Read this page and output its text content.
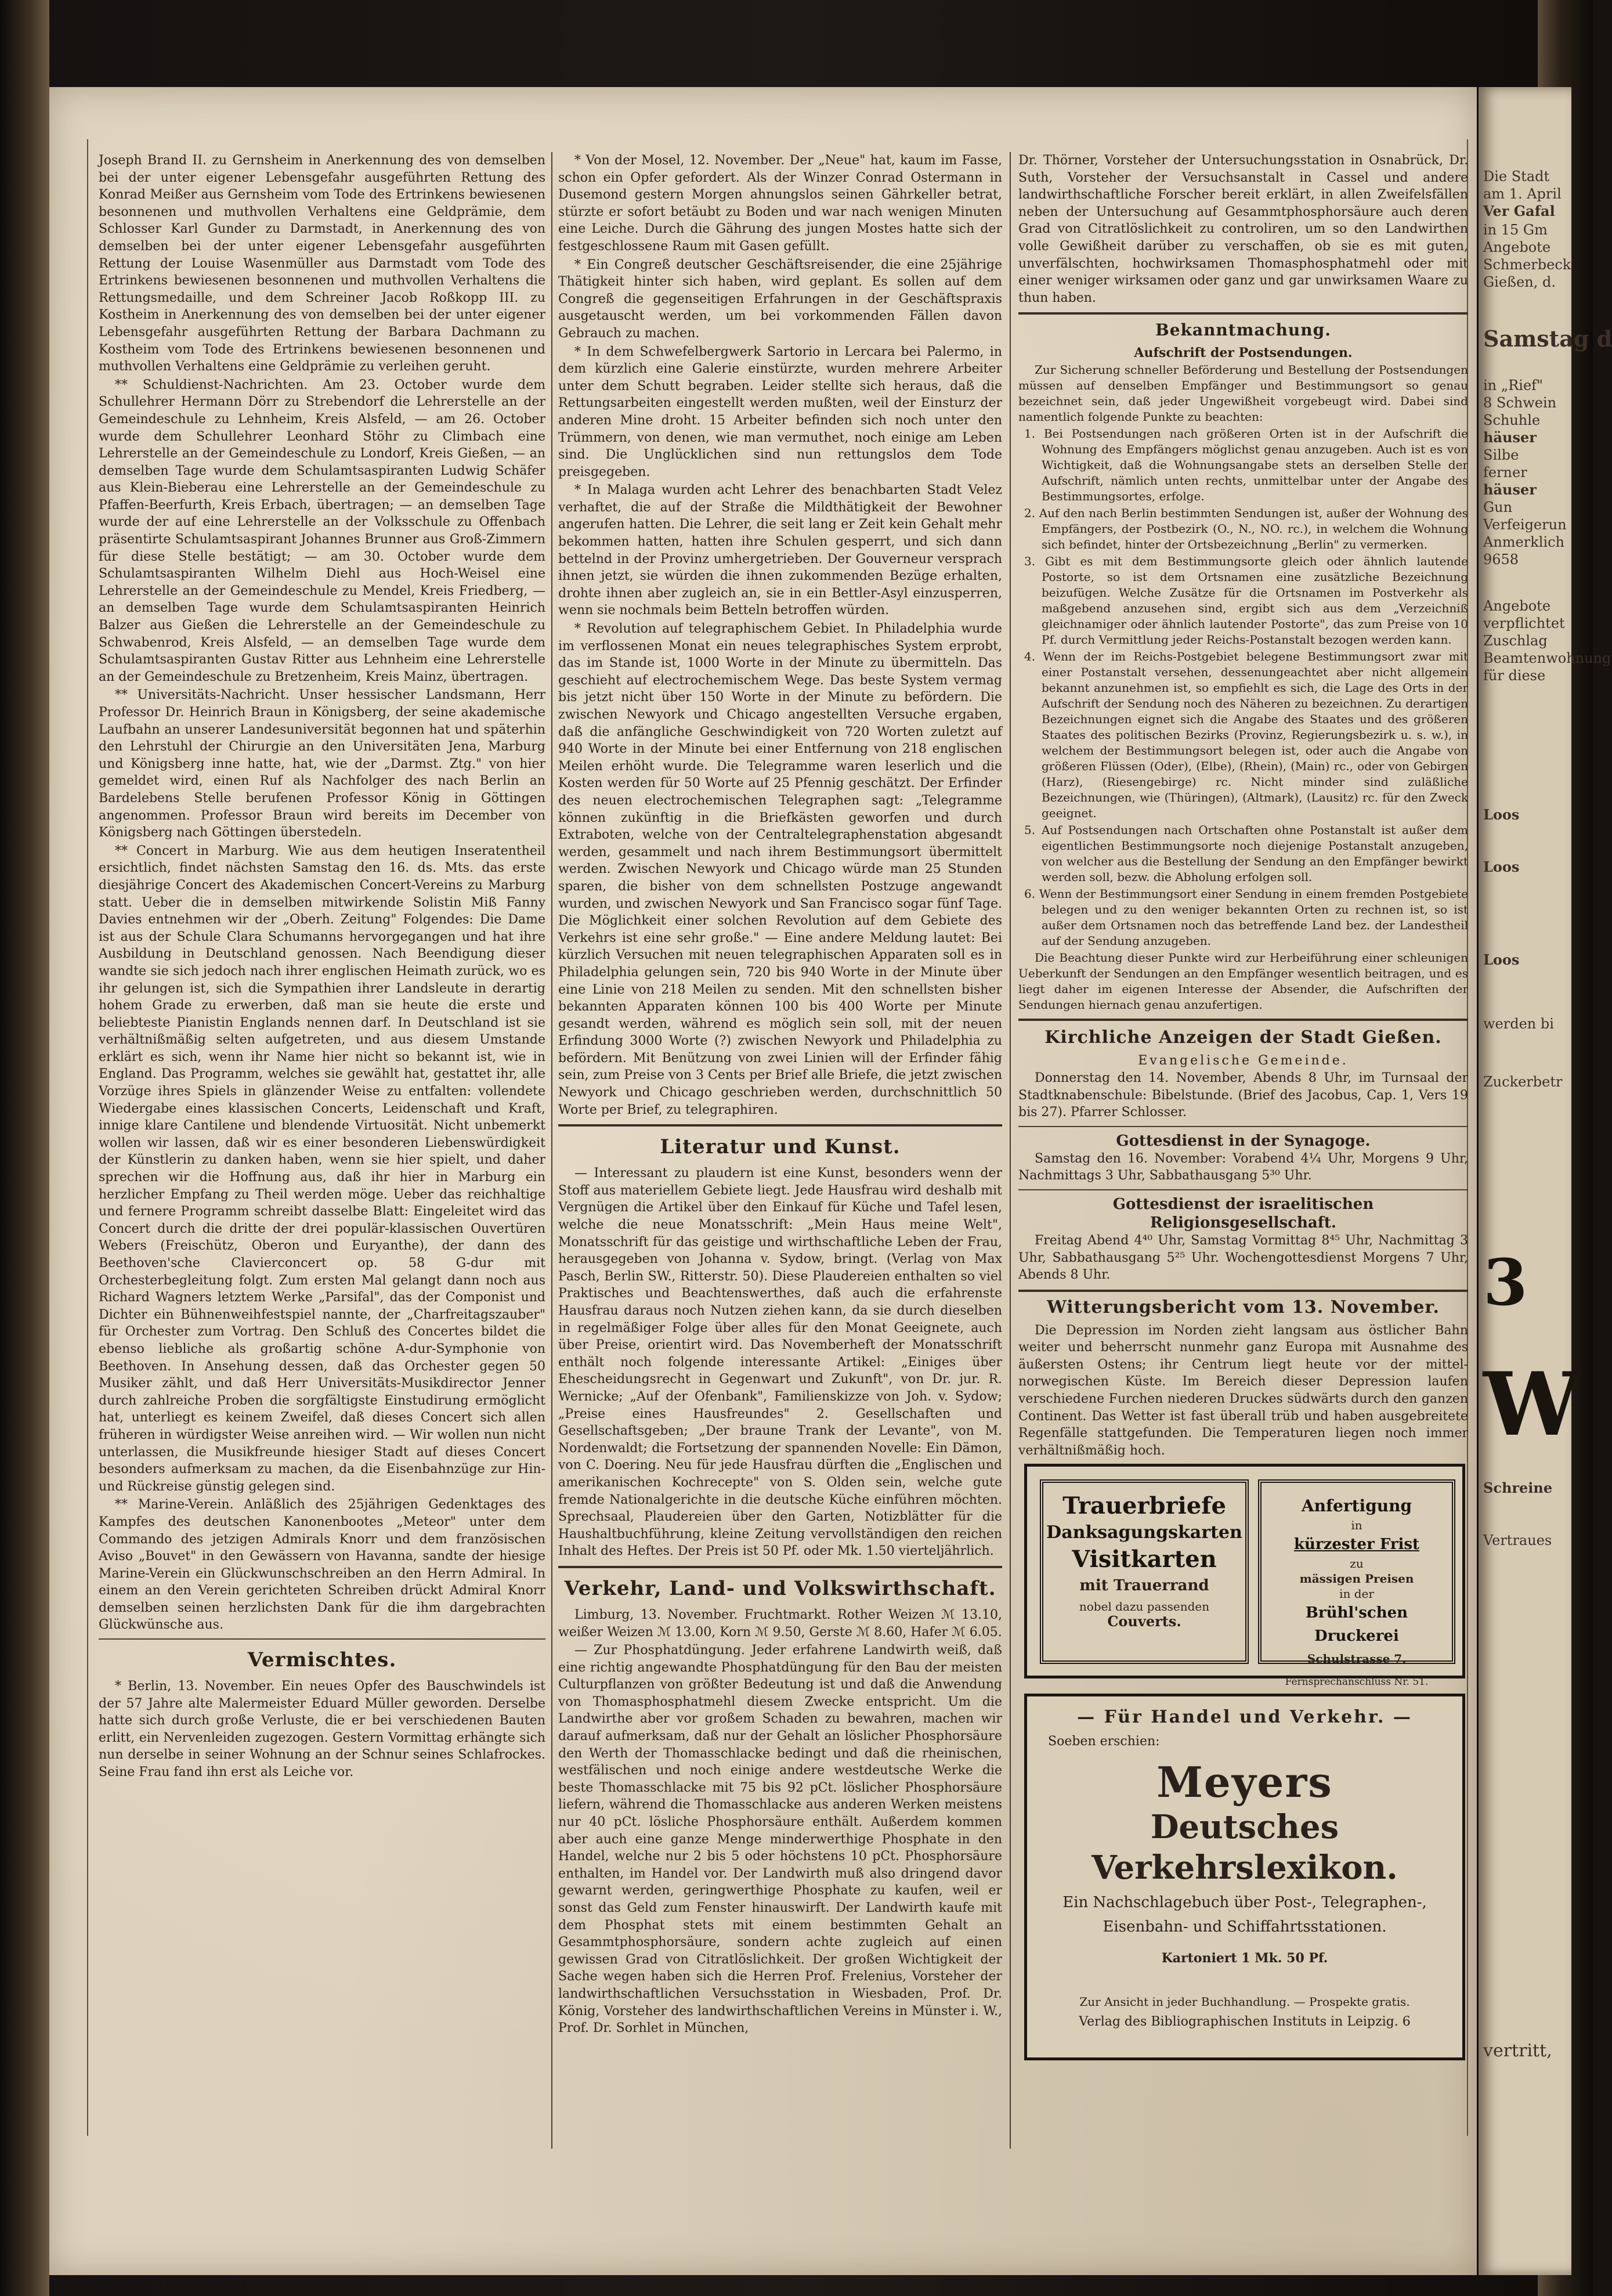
Joseph Brand II. zu Gernsheim in Anerkennung des von demselben bei der unter eigener Lebensgefahr ausgeführten Rettung des Konrad Meißer aus Gernsheim vom Tode des Ertrinkens bewiesenen besonnenen und muthvollen Verhaltens eine Geldprämie, dem Schlosser Karl Gunder zu Darmstadt, in Anerkennung des von demselben bei der unter eigener Lebensgefahr ausgeführten Rettung der Louise Wasenmüller aus Darmstadt vom Tode des Ertrinkens bewiesenen besonnenen und muthvollen Verhaltens die Rettungsmedaille, und dem Schreiner Jacob Roßkopp III. zu Kostheim in Anerkennung des von demselben bei der unter eigener Lebensgefahr ausgeführten Rettung der Barbara Dachmann zu Kostheim vom Tode des Ertrinkens bewiesenen besonnenen und muthvollen Verhaltens eine Geldprämie zu verleihen geruht.

** Schuldienst-Nachrichten. Am 23. October wurde dem Schullehrer Hermann Dörr zu Strebendorf die Lehrerstelle an der Gemeindeschule zu Lehnheim, Kreis Alsfeld, — am 26. October wurde dem Schullehrer Leonhard Stöhr zu Climbach eine Lehrerstelle an der Gemeindeschule zu Londorf, Kreis Gießen, — an demselben Tage wurde dem Schulamtsaspiranten Ludwig Schäfer aus Klein-Bieberau eine Lehrerstelle an der Gemeindeschule zu Pfaffen-Beerfurth, Kreis Erbach, übertragen; — an demselben Tage wurde der auf eine Lehrerstelle an der Volksschule zu Offenbach präsentirte Schulamtsaspirant Johannes Brunner aus Groß-Zimmern für diese Stelle bestätigt; — am 30. October wurde dem Schulamtsaspiranten Wilhelm Diehl aus Hoch-Weisel eine Lehrerstelle an der Gemeindeschule zu Mendel, Kreis Friedberg, — an demselben Tage wurde dem Schulamtsaspiranten Heinrich Balzer aus Gießen die Lehrerstelle an der Gemeindeschule zu Schwabenrod, Kreis Alsfeld, — an demselben Tage wurde dem Schulamtsaspiranten Gustav Ritter aus Lehnheim eine Lehrerstelle an der Gemeindeschule zu Bretzenheim, Kreis Mainz, übertragen.

** Universitäts-Nachricht. Unser hessischer Landsmann, Herr Professor Dr. Heinrich Braun in Königsberg, der seine akademische Laufbahn an unserer Landesuniversität begonnen hat und späterhin den Lehrstuhl der Chirurgie an den Universitäten Jena, Marburg und Königsberg inne hatte, hat, wie der „Darmst. Ztg." von hier gemeldet wird, einen Ruf als Nachfolger des nach Berlin an Bardelebens Stelle berufenen Professor König in Göttingen angenommen. Professor Braun wird bereits im December von Königsberg nach Göttingen überstedeln.

** Concert in Marburg. Wie aus dem heutigen Inseratentheil ersichtlich, findet nächsten Samstag den 16. ds. Mts. das erste diesjährige Concert des Akademischen Concert-Vereins zu Marburg statt. Ueber die in demselben mitwirkende Solistin Miß Fanny Davies entnehmen wir der „Oberh. Zeitung" Folgendes: Die Dame ist aus der Schule Clara Schumanns hervorgegangen und hat ihre Ausbildung in Deutschland genossen. Nach Beendigung dieser wandte sie sich jedoch nach ihrer englischen Heimath zurück, wo es ihr gelungen ist, sich die Sympathien ihrer Landsleute in derartig hohem Grade zu erwerben, daß man sie heute die erste und beliebteste Pianistin Englands nennen darf. In Deutschland ist sie verhältnißmäßig selten aufgetreten, und aus diesem Umstande erklärt es sich, wenn ihr Name hier nicht so bekannt ist, wie in England. Das Programm, welches sie gewählt hat, gestattet ihr, alle Vorzüge ihres Spiels in glänzender Weise zu entfalten: vollendete Wiedergabe eines klassischen Concerts, Leidenschaft und Kraft, innige klare Cantilene und blendende Virtuosität. Nicht unbemerkt wollen wir lassen, daß wir es einer besonderen Liebenswürdigkeit der Künstlerin zu danken haben, wenn sie hier spielt, und daher sprechen wir die Hoffnung aus, daß ihr hier in Marburg ein herzlicher Empfang zu Theil werden möge. Ueber das reichhaltige und fernere Programm schreibt dasselbe Blatt: Eingeleitet wird das Concert durch die dritte der drei populär-klassischen Ouvertüren Webers (Freischütz, Oberon und Euryanthe), der dann des Beethoven'sche Clavierconcert op. 58 G-dur mit Orchesterbegleitung folgt. Zum ersten Mal gelangt dann noch aus Richard Wagners letztem Werke „Parsifal", das der Componist und Dichter ein Bühnenweihfestspiel nannte, der „Charfreitagszauber" für Orchester zum Vortrag. Den Schluß des Concertes bildet die ebenso liebliche als großartig schöne A-dur-Symphonie von Beethoven. In Ansehung dessen, daß das Orchester gegen 50 Musiker zählt, und daß Herr Universitäts-Musikdirector Jenner durch zahlreiche Proben die sorgfältigste Einstudirung ermöglicht hat, unterliegt es keinem Zweifel, daß dieses Concert sich allen früheren in würdigster Weise anreihen wird. — Wir wollen nun nicht unterlassen, die Musikfreunde hiesiger Stadt auf dieses Concert besonders aufmerksam zu machen, da die Eisenbahnzüge zur Hin- und Rückreise günstig gelegen sind.

** Marine-Verein. Anläßlich des 25jährigen Gedenktages des Kampfes des deutschen Kanonenbootes „Meteor" unter dem Commando des jetzigen Admirals Knorr und dem französischen Aviso „Bouvet" in den Gewässern von Havanna, sandte der hiesige Marine-Verein ein Glückwunschschreiben an den Herrn Admiral. In einem an den Verein gerichteten Schreiben drückt Admiral Knorr demselben seinen herzlichsten Dank für die ihm dargebrachten Glückwünsche aus.

Vermischtes.

* Berlin, 13. November. Ein neues Opfer des Bauschwindels ist der 57 Jahre alte Malermeister Eduard Müller geworden. Derselbe hatte sich durch große Verluste, die er bei verschiedenen Bauten erlitt, ein Nervenleiden zugezogen. Gestern Vormittag erhängte sich nun derselbe in seiner Wohnung an der Schnur seines Schlafrockes. Seine Frau fand ihn erst als Leiche vor.

* Von der Mosel, 12. November. Der „Neue" hat, kaum im Fasse, schon ein Opfer gefordert. Als der Winzer Conrad Ostermann in Dusemond gestern Morgen ahnungslos seinen Gährkeller betrat, stürzte er sofort betäubt zu Boden und war nach wenigen Minuten eine Leiche. Durch die Gährung des jungen Mostes hatte sich der festgeschlossene Raum mit Gasen gefüllt.

* Ein Congreß deutscher Geschäftsreisender, die eine 25jährige Thätigkeit hinter sich haben, wird geplant. Es sollen auf dem Congreß die gegenseitigen Erfahrungen in der Geschäftspraxis ausgetauscht werden, um bei vorkommenden Fällen davon Gebrauch zu machen.

* In dem Schwefelbergwerk Sartorio in Lercara bei Palermo, in dem kürzlich eine Galerie einstürzte, wurden mehrere Arbeiter unter dem Schutt begraben. Leider stellte sich heraus, daß die Rettungsarbeiten eingestellt werden mußten, weil der Einsturz der anderen Mine droht. 15 Arbeiter befinden sich noch unter den Trümmern, von denen, wie man vermuthet, noch einige am Leben sind. Die Unglücklichen sind nun rettungslos dem Tode preisgegeben.

* In Malaga wurden acht Lehrer des benachbarten Stadt Velez verhaftet, die auf der Straße die Mildthätigkeit der Bewohner angerufen hatten. Die Lehrer, die seit lang er Zeit kein Gehalt mehr bekommen hatten, hatten ihre Schulen gesperrt, und sich dann bettelnd in der Provinz umhergetrieben. Der Gouverneur versprach ihnen jetzt, sie würden die ihnen zukommenden Bezüge erhalten, drohte ihnen aber zugleich an, sie in ein Bettler-Asyl einzusperren, wenn sie nochmals beim Betteln betroffen würden.

* Revolution auf telegraphischem Gebiet. In Philadelphia wurde im verflossenen Monat ein neues telegraphisches System erprobt, das im Stande ist, 1000 Worte in der Minute zu übermitteln. Das geschieht auf electrochemischem Wege. Das beste System vermag bis jetzt nicht über 150 Worte in der Minute zu befördern. Die zwischen Newyork und Chicago angestellten Versuche ergaben, daß die anfängliche Geschwindigkeit von 720 Worten zuletzt auf 940 Worte in der Minute bei einer Entfernung von 218 englischen Meilen erhöht wurde. Die Telegramme waren leserlich und die Kosten werden für 50 Worte auf 25 Pfennig geschätzt. Der Erfinder des neuen electrochemischen Telegraphen sagt: „Telegramme können zukünftig in die Briefkästen geworfen und durch Extraboten, welche von der Centraltelegraphenstation abgesandt werden, gesammelt und nach ihrem Bestimmungsort übermittelt werden. Zwischen Newyork und Chicago würde man 25 Stunden sparen, die bisher von dem schnellsten Postzuge angewandt wurden, und zwischen Newyork und San Francisco sogar fünf Tage. Die Möglichkeit einer solchen Revolution auf dem Gebiete des Verkehrs ist eine sehr große." — Eine andere Meldung lautet: Bei kürzlich Versuchen mit neuen telegraphischen Apparaten soll es in Philadelphia gelungen sein, 720 bis 940 Worte in der Minute über eine Linie von 218 Meilen zu senden. Mit den schnellsten bisher bekannten Apparaten können 100 bis 400 Worte per Minute gesandt werden, während es möglich sein soll, mit der neuen Erfindung 3000 Worte (?) zwischen Newyork und Philadelphia zu befördern. Mit Benützung von zwei Linien will der Erfinder fähig sein, zum Preise von 3 Cents per Brief alle Briefe, die jetzt zwischen Newyork und Chicago geschrieben werden, durchschnittlich 50 Worte per Brief, zu telegraphiren.

Literatur und Kunst.

— Interessant zu plaudern ist eine Kunst, besonders wenn der Stoff aus materiellem Gebiete liegt. Jede Hausfrau wird deshalb mit Vergnügen die Artikel über den Einkauf für Küche und Tafel lesen, welche die neue Monatsschrift: „Mein Haus meine Welt", Monatsschrift für das geistige und wirthschaftliche Leben der Frau, herausgegeben von Johanna v. Sydow, bringt. (Verlag von Max Pasch, Berlin SW., Ritterstr. 50). Diese Plaudereien enthalten so viel Praktisches und Beachtenswerthes, daß auch die erfahrenste Hausfrau daraus noch Nutzen ziehen kann, da sie durch dieselben in regelmäßiger Folge über alles für den Monat Geeignete, auch über Preise, orientirt wird. Das Novemberheft der Monatsschrift enthält noch folgende interessante Artikel: „Einiges über Ehescheidungsrecht in Gegenwart und Zukunft", von Dr. jur. R. Wernicke; „Auf der Ofenbank", Familienskizze von Joh. v. Sydow; „Preise eines Hausfreundes" 2. Gesellschaften und Gesellschaftsgeben; „Der braune Trank der Levante", von M. Nordenwaldt; die Fortsetzung der spannenden Novelle: Ein Dämon, von C. Doering. Neu für jede Hausfrau dürften die „Englischen und amerikanischen Kochrecepte" von S. Olden sein, welche gute fremde Nationalgerichte in die deutsche Küche einführen möchten. Sprechsaal, Plaudereien über den Garten, Notizblätter für die Haushaltbuchführung, kleine Zeitung vervollständigen den reichen Inhalt des Heftes. Der Preis ist 50 Pf. oder Mk. 1.50 vierteljährlich.

Verkehr, Land- und Volkswirthschaft.

Limburg, 13. November. Fruchtmarkt. Rother Weizen ℳ 13.10, weißer Weizen ℳ 13.00, Korn ℳ 9.50, Gerste ℳ 8.60, Hafer ℳ 6.05.

— Zur Phosphatdüngung. Jeder erfahrene Landwirth weiß, daß eine richtig angewandte Phosphatdüngung für den Bau der meisten Culturpflanzen von größter Bedeutung ist und daß die Anwendung von Thomasphosphatmehl diesem Zwecke entspricht. Um die Landwirthe aber vor großem Schaden zu bewahren, machen wir darauf aufmerksam, daß nur der Gehalt an löslicher Phosphorsäure den Werth der Thomasschlacke bedingt und daß die rheinischen, westfälischen und noch einige andere westdeutsche Werke die beste Thomasschlacke mit 75 bis 92 pCt. löslicher Phosphorsäure liefern, während die Thomasschlacke aus anderen Werken meistens nur 40 pCt. lösliche Phosphorsäure enthält. Außerdem kommen aber auch eine ganze Menge minderwerthige Phosphate in den Handel, welche nur 2 bis 5 oder höchstens 10 pCt. Phosphorsäure enthalten, im Handel vor. Der Landwirth muß also dringend davor gewarnt werden, geringwerthige Phosphate zu kaufen, weil er sonst das Geld zum Fenster hinauswirft. Der Landwirth kaufe mit dem Phosphat stets mit einem bestimmten Gehalt an Gesammtphosphorsäure, sondern achte zugleich auf einen gewissen Grad von Citratlöslichkeit. Der großen Wichtigkeit der Sache wegen haben sich die Herren Prof. Frelenius, Vorsteher der landwirthschaftlichen Versuchsstation in Wiesbaden, Prof. Dr. König, Vorsteher des landwirthschaftlichen Vereins in Münster i. W., Prof. Dr. Sorhlet in München,

Dr. Thörner, Vorsteher der Untersuchungsstation in Osnabrück, Dr. Suth, Vorsteher der Versuchsanstalt in Cassel und andere landwirthschaftliche Forscher bereit erklärt, in allen Zweifelsfällen neben der Untersuchung auf Gesammtphosphorsäure auch deren Grad von Citratlöslichkeit zu controliren, um so den Landwirthen volle Gewißheit darüber zu verschaffen, ob sie es mit guten, unverfälschten, hochwirksamen Thomasphosphatmehl oder mit einer weniger wirksamen oder ganz und gar unwirksamen Waare zu thun haben.

Bekanntmachung.
Aufschrift der Postsendungen.

Zur Sicherung schneller Beförderung und Bestellung der Postsendungen müssen auf denselben Empfänger und Bestimmungsort so genau bezeichnet sein, daß jeder Ungewißheit vorgebeugt wird. Dabei sind namentlich folgende Punkte zu beachten:

1. Bei Postsendungen nach größeren Orten ist in der Aufschrift die Wohnung des Empfängers möglichst genau anzugeben. Auch ist es von Wichtigkeit, daß die Wohnungsangabe stets an derselben Stelle der Aufschrift, nämlich unten rechts, unmittelbar unter der Angabe des Bestimmungsortes, erfolge.

2. Auf den nach Berlin bestimmten Sendungen ist, außer der Wohnung des Empfängers, der Postbezirk (O., N., NO. rc.), in welchem die Wohnung sich befindet, hinter der Ortsbezeichnung „Berlin" zu vermerken.

3. Gibt es mit dem Bestimmungsorte gleich oder ähnlich lautende Postorte, so ist dem Ortsnamen eine zusätzliche Bezeichnung beizufügen. Welche Zusätze für die Ortsnamen im Postverkehr als maßgebend anzusehen sind, ergibt sich aus dem „Verzeichniß gleichnamiger oder ähnlich lautender Postorte", das zum Preise von 10 Pf. durch Vermittlung jeder Reichs-Postanstalt bezogen werden kann.

4. Wenn der im Reichs-Postgebiet belegene Bestimmungsort zwar mit einer Postanstalt versehen, dessenungeachtet aber nicht allgemein bekannt anzunehmen ist, so empfiehlt es sich, die Lage des Orts in der Aufschrift der Sendung noch des Näheren zu bezeichnen. Zu derartigen Bezeichnungen eignet sich die Angabe des Staates und des größeren Staates des politischen Bezirks (Provinz, Regierungsbezirk u. s. w.), in welchem der Bestimmungsort belegen ist, oder auch die Angabe von größeren Flüssen (Oder), (Elbe), (Rhein), (Main) rc., oder von Gebirgen (Harz), (Riesengebirge) rc. Nicht minder sind zuläßliche Bezeichnungen, wie (Thüringen), (Altmark), (Lausitz) rc. für den Zweck geeignet.

5. Auf Postsendungen nach Ortschaften ohne Postanstalt ist außer dem eigentlichen Bestimmungsorte noch diejenige Postanstalt anzugeben, von welcher aus die Bestellung der Sendung an den Empfänger bewirkt werden soll, bezw. die Abholung erfolgen soll.

6. Wenn der Bestimmungsort einer Sendung in einem fremden Postgebiete belegen und zu den weniger bekannten Orten zu rechnen ist, so ist außer dem Ortsnamen noch das betreffende Land bez. der Landestheil auf der Sendung anzugeben.

Die Beachtung dieser Punkte wird zur Herbeiführung einer schleunigen Ueberkunft der Sendungen an den Empfänger wesentlich beitragen, und es liegt daher im eigenen Interesse der Absender, die Aufschriften der Sendungen hiernach genau anzufertigen.

Kirchliche Anzeigen der Stadt Gießen.
Evangelische Gemeinde.

Donnerstag den 14. November, Abends 8 Uhr, im Turnsaal der Stadtknabenschule: Bibelstunde. (Brief des Jacobus, Cap. 1, Vers 19 bis 27). Pfarrer Schlosser.

Gottesdienst in der Synagoge.

Samstag den 16. November: Vorabend 4¼ Uhr, Morgens 9 Uhr, Nachmittags 3 Uhr, Sabbathausgang 5³⁰ Uhr.

Gottesdienst der israelitischen Religionsgesellschaft.

Freitag Abend 4⁴⁰ Uhr, Samstag Vormittag 8⁴⁵ Uhr, Nachmittag 3 Uhr, Sabbathausgang 5²⁵ Uhr. Wochengottesdienst Morgens 7 Uhr, Abends 8 Uhr.

Witterungsbericht vom 13. November.

Die Depression im Norden zieht langsam aus östlicher Bahn weiter und beherrscht nunmehr ganz Europa mit Ausnahme des äußersten Ostens; ihr Centrum liegt heute vor der mittel-norwegischen Küste. Im Bereich dieser Depression laufen verschiedene Furchen niederen Druckes südwärts durch den ganzen Continent. Das Wetter ist fast überall trüb und haben ausgebreitete Regenfälle stattgefunden. Die Temperaturen liegen noch immer verhältnißmäßig hoch.

Trauerbriefe
Danksagungskarten
Visitkarten
mit Trauerrand
nobel dazu passenden
Couverts.
Anfertigung
in
kürzester Frist
zu
mässigen Preisen
in der
Brühl'schen Druckerei
Schulstrasse 7.
Fernsprechanschluss Nr. 51.
— Für Handel und Verkehr. —
Soeben erschien:
Meyers
Deutsches Verkehrslexikon.
Ein Nachschlagebuch über Post-, Telegraphen-,
Eisenbahn- und Schiffahrtsstationen.
Kartoniert 1 Mk. 50 Pf.
Zur Ansicht in jeder Buchhandlung. — Prospekte gratis.
Verlag des Bibliographischen Instituts in Leipzig. 6
Die Stadt
am 1. April
Ver Gafal
in 15 Gm
Angebote
Schmerbeck
Gießen, d.
Samstag d
in „Rief"
8 Schwein
Schuhle
häuser
Silbe
ferner
häuser
Gun
Verfeigerun
Anmerklich
9658
Angebote
verpflichtet
Zuschlag
Beamtenwohnung
für diese
Loos
Loos
Loos
werden bi
Zuckerbetr
3
W
Schreine
Vertraues
vertritt,
